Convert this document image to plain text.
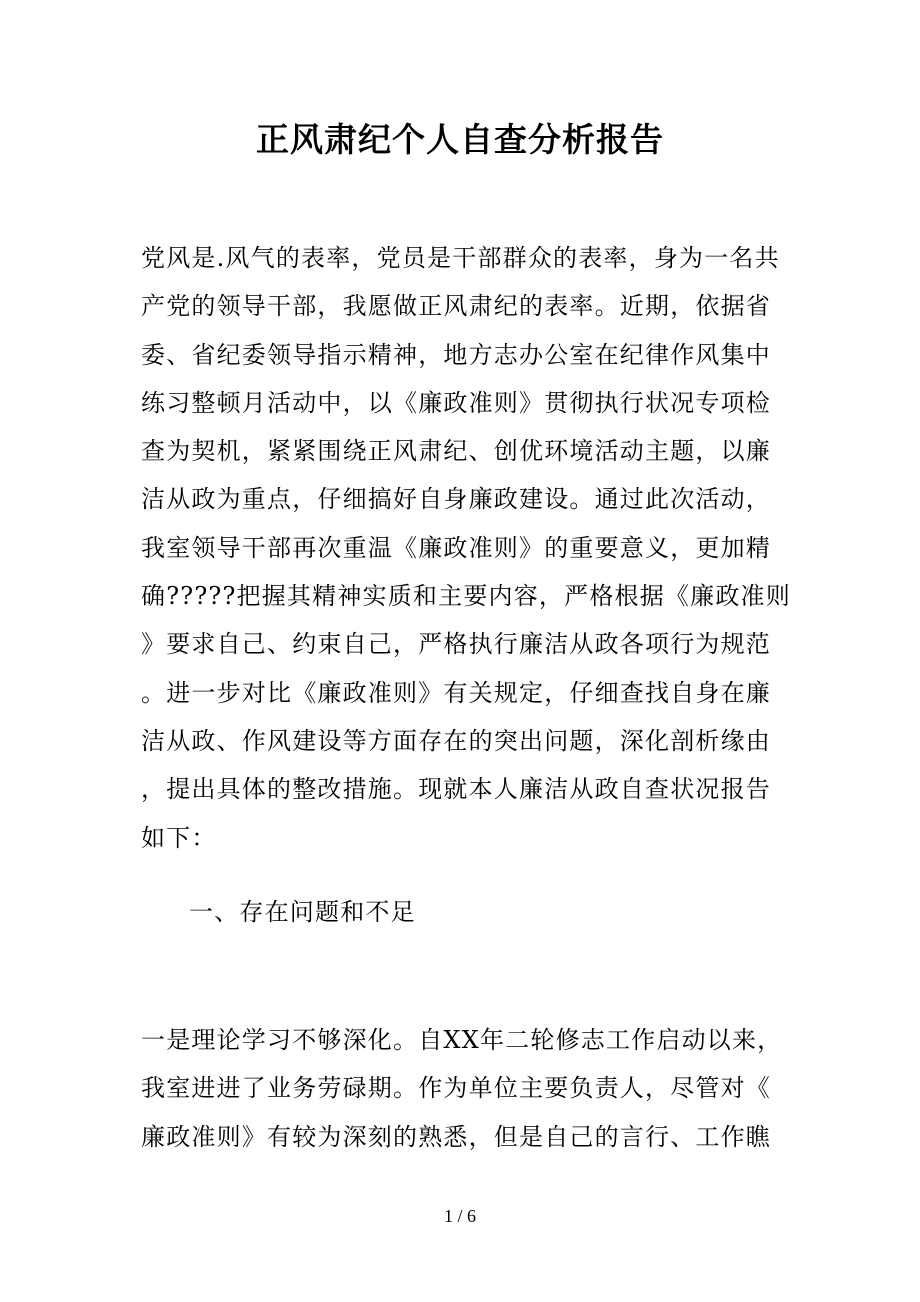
正风肃纪个人自查分析报告
党风是.风气的表率，党员是干部群众的表率，身为一名共
产党的领导干部，我愿做正风肃纪的表率。近期，依据省
委、省纪委领导指示精神，地方志办公室在纪律作风集中
练习整顿月活动中，以《廉政准则》贯彻执行状况专项检
查为契机，紧紧围绕正风肃纪、创优环境活动主题，以廉
洁从政为重点，仔细搞好自身廉政建设。通过此次活动，
我室领导干部再次重温《廉政准则》的重要意义，更加精
确?????把握其精神实质和主要内容，严格根据《廉政准则
》要求自己、约束自己，严格执行廉洁从政各项行为规范
。进一步对比《廉政准则》有关规定，仔细查找自身在廉
洁从政、作风建设等方面存在的突出问题，深化剖析缘由
，提出具体的整改措施。现就本人廉洁从政自查状况报告
如下：
一、存在问题和不足
一是理论学习不够深化。自XX年二轮修志工作启动以来，
我室进进了业务劳碌期。作为单位主要负责人，尽管对《
廉政准则》有较为深刻的熟悉，但是自己的言行、工作瞧
1 / 6
